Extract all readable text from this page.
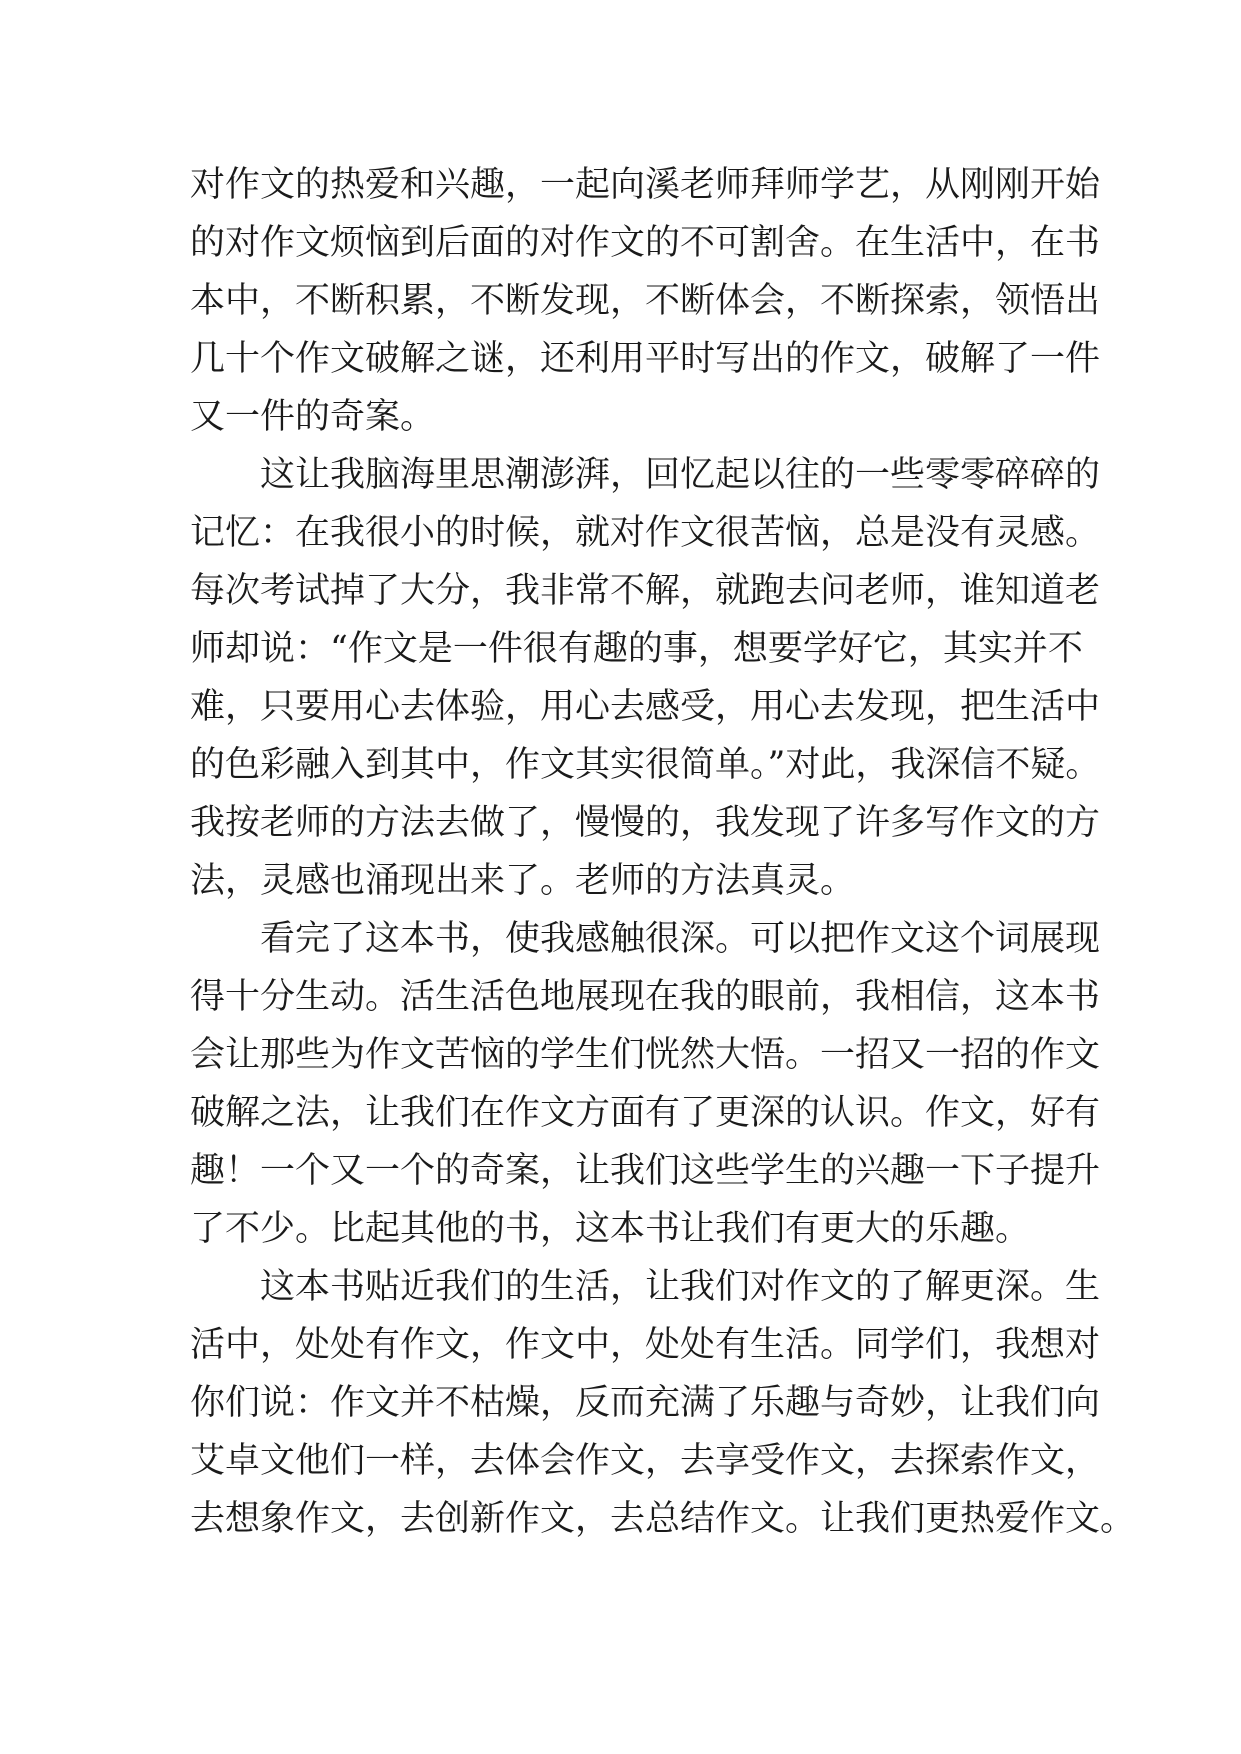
对作文的热爱和兴趣，一起向溪老师拜师学艺，从刚刚开始
的对作文烦恼到后面的对作文的不可割舍。在生活中，在书
本中，不断积累，不断发现，不断体会，不断探索，领悟出
几十个作文破解之谜，还利用平时写出的作文，破解了一件
又一件的奇案。
这让我脑海里思潮澎湃，回忆起以往的一些零零碎碎的
记忆：在我很小的时候，就对作文很苦恼，总是没有灵感。
每次考试掉了大分，我非常不解，就跑去问老师，谁知道老
师却说：“作文是一件很有趣的事，想要学好它，其实并不
难，只要用心去体验，用心去感受，用心去发现，把生活中
的色彩融入到其中，作文其实很简单。”对此，我深信不疑。
我按老师的方法去做了，慢慢的，我发现了许多写作文的方
法，灵感也涌现出来了。老师的方法真灵。
看完了这本书，使我感触很深。可以把作文这个词展现
得十分生动。活生活色地展现在我的眼前，我相信，这本书
会让那些为作文苦恼的学生们恍然大悟。一招又一招的作文
破解之法，让我们在作文方面有了更深的认识。作文，好有
趣！一个又一个的奇案，让我们这些学生的兴趣一下子提升
了不少。比起其他的书，这本书让我们有更大的乐趣。
这本书贴近我们的生活，让我们对作文的了解更深。生
活中，处处有作文，作文中，处处有生活。同学们，我想对
你们说：作文并不枯燥，反而充满了乐趣与奇妙，让我们向
艾卓文他们一样，去体会作文，去享受作文，去探索作文，
去想象作文，去创新作文，去总结作文。让我们更热爱作文。
